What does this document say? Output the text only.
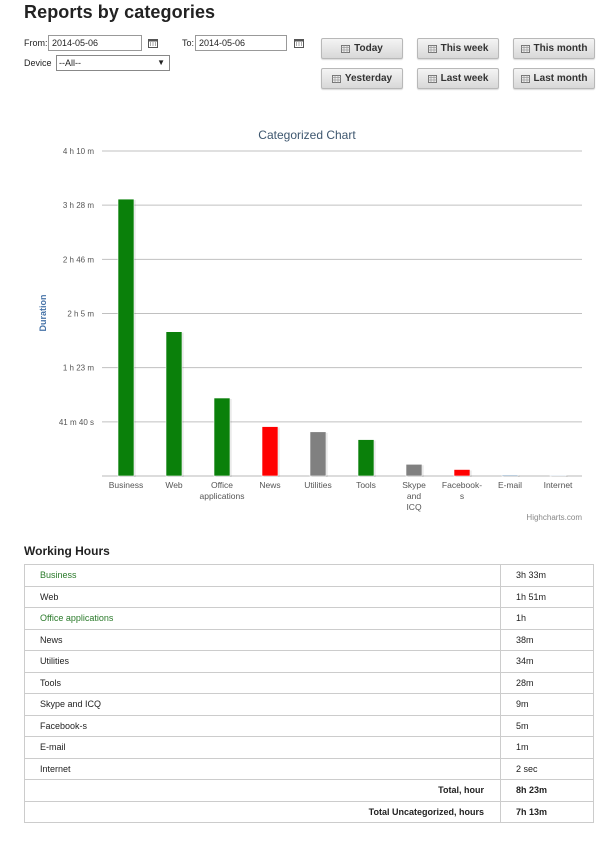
Reports by categories
From: 2014-05-06	To: 2014-05-06
Device --All--	▼
Today	This week	This month
Yesterday	Last week	Last month
Categorized Chart
41 m 40 s
1 h 23 m
2 h 5 m
2 h 46 m
3 h 28 m
4 h 10 m
Duration
Business	Web	Office
applications
News	Utilities	Tools	Skype
and
ICQ
Facebook-
s
E-mail	Internet
Highcharts.com
Working Hours
Business	3h 33m
Web	1h 51m
Office applications	1h
News	38m
Utilities	34m
Tools	28m
Skype and ICQ	9m
Facebook-s	5m
E-mail	1m
Internet	2 sec
Total, hour	8h 23m
Total Uncategorized, hours	7h 13m
